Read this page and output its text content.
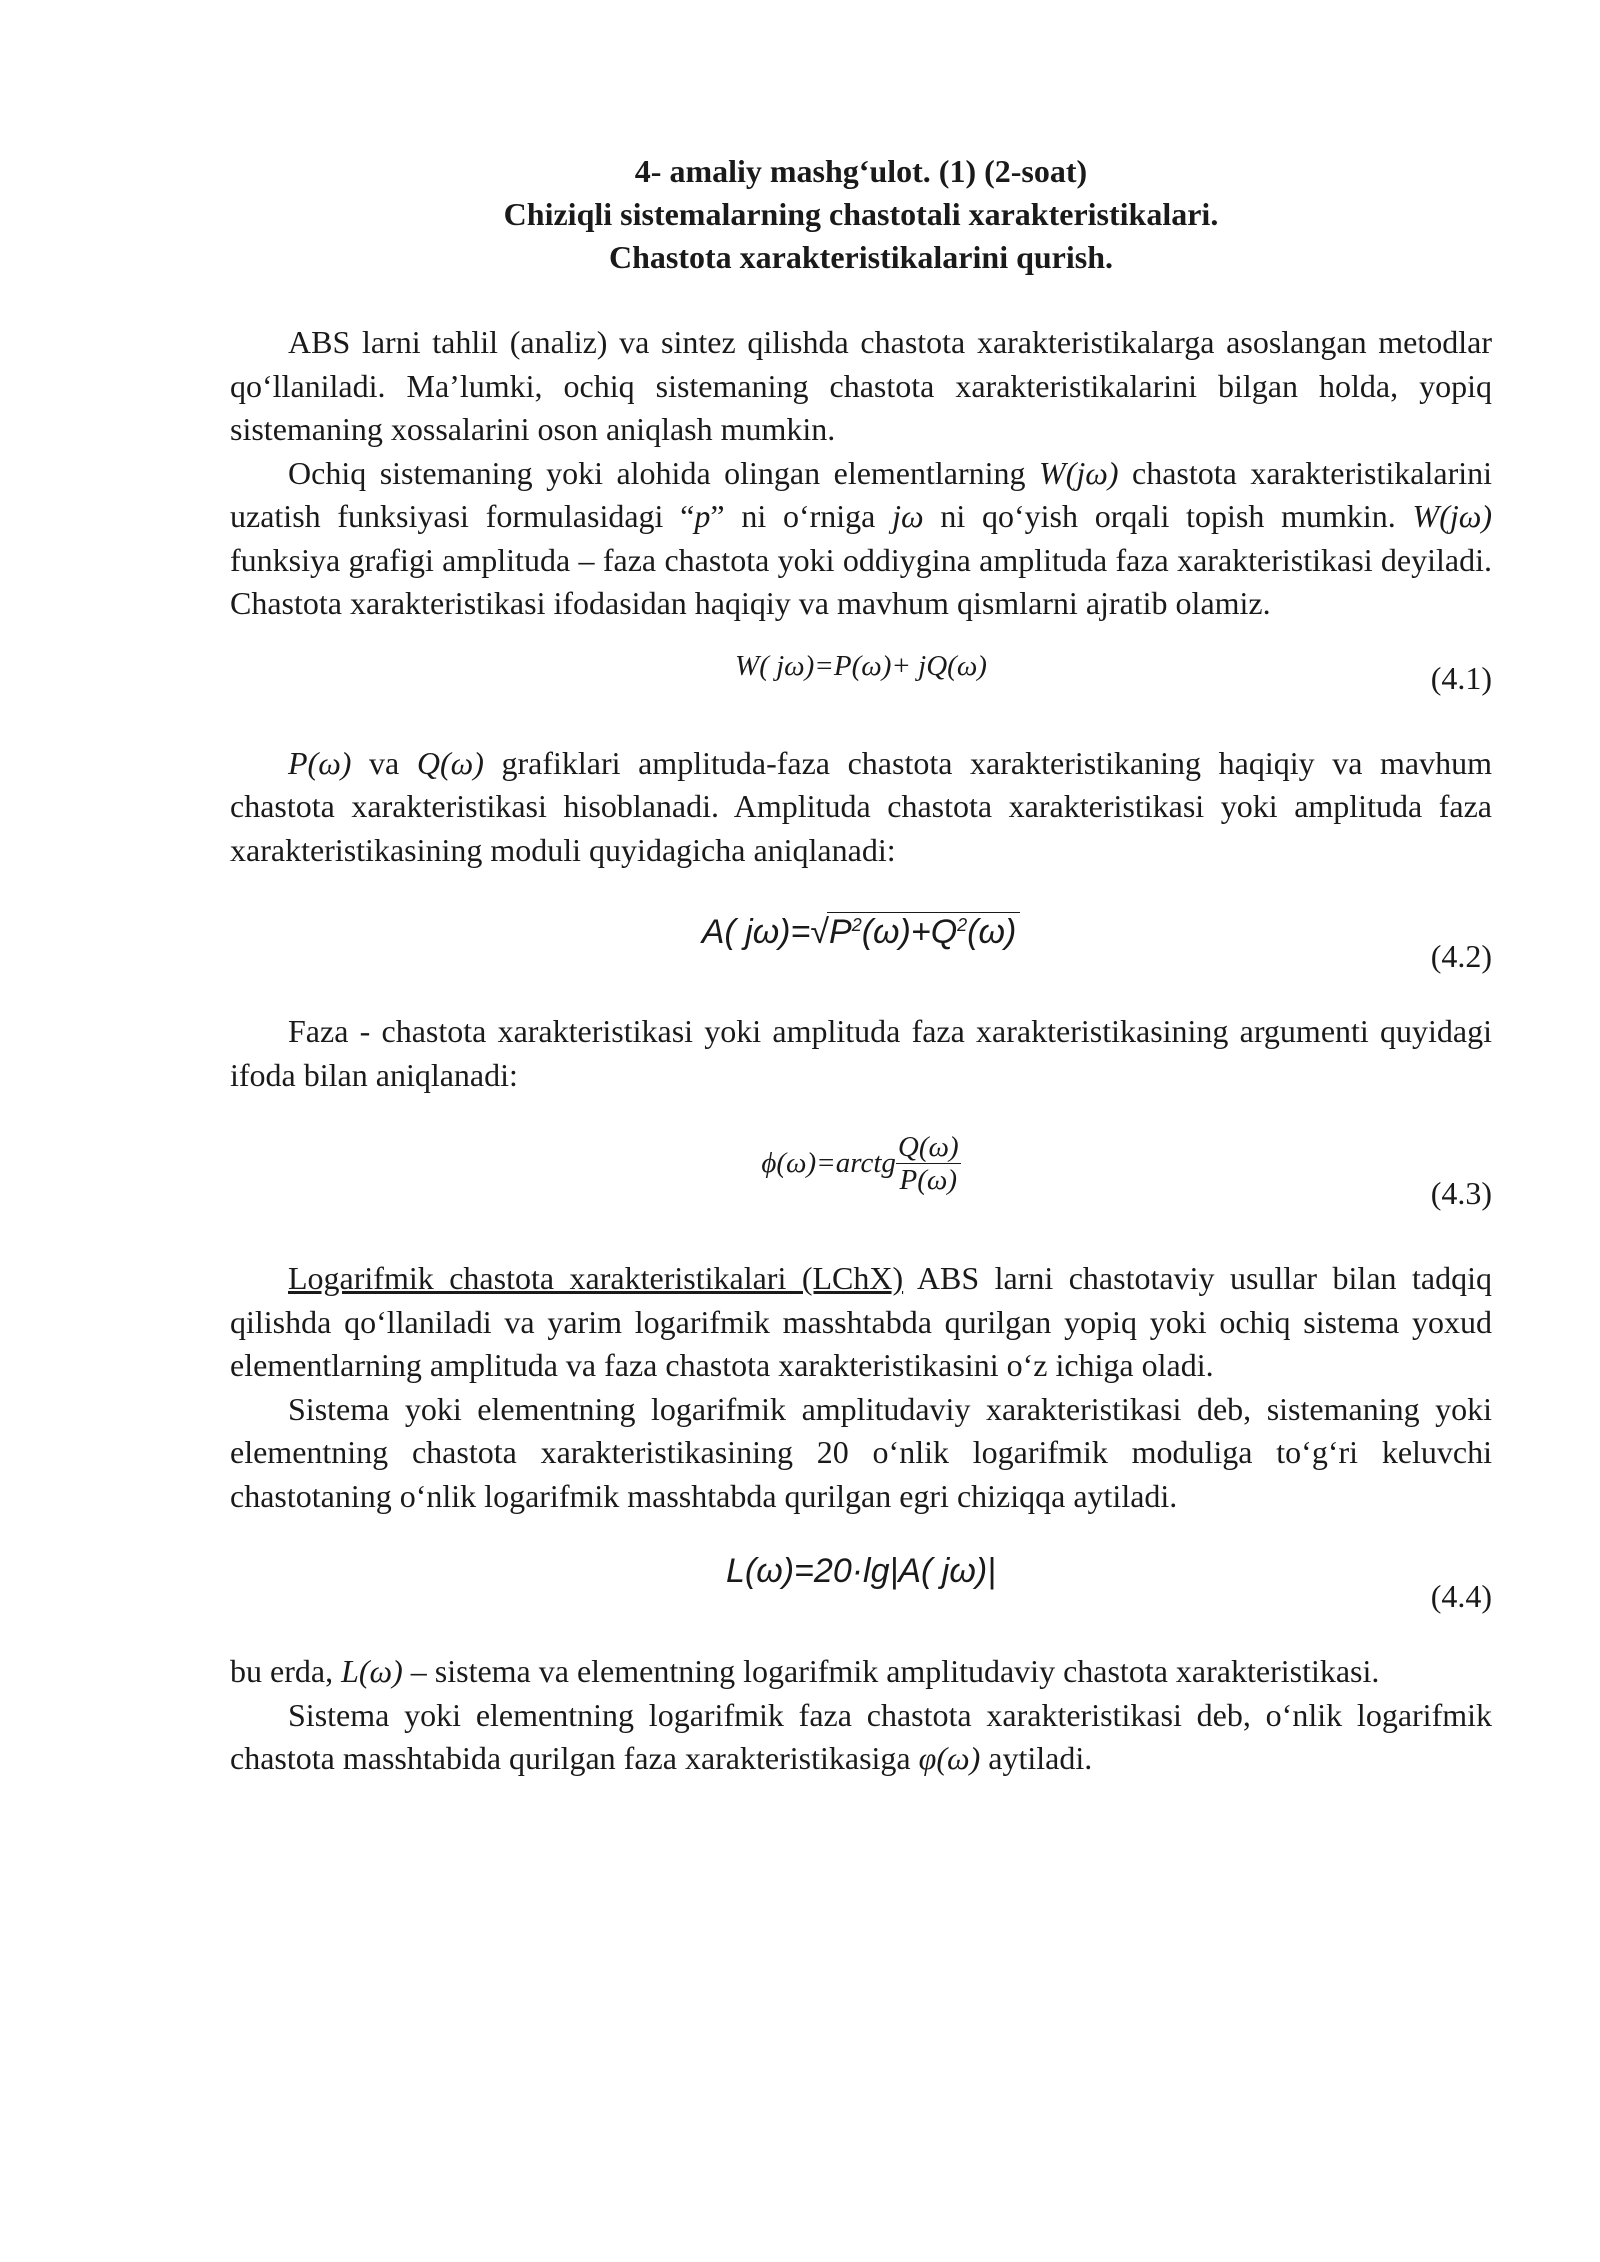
4- amaliy mashg‘ulot. (1) (2-soat)
Chiziqli sistemalarning chastotali xarakteristikalari.
Chastota xarakteristikalarini qurish.

ABS larni tahlil (analiz) va sintez qilishda chastota xarakteristikalarga asoslangan metodlar qo‘llaniladi. Ma’lumki, ochiq sistemaning chastota xarakteristikalarini bilgan holda, yopiq sistemaning xossalarini oson aniqlash mumkin.

Ochiq sistemaning yoki alohida olingan elementlarning W(jω) chastota xarakteristikalarini uzatish funksiyasi formulasidagi “p” ni o‘rniga jω ni qo‘yish orqali topish mumkin. W(jω) funksiya grafigi amplituda – faza chastota yoki oddiygina amplituda faza xarakteristikasi deyiladi. Chastota xarakteristikasi ifodasidan haqiqiy va mavhum qismlarni ajratib olamiz.

W( jω)=P(ω)+ jQ(ω)	(4.1)

P(ω) va Q(ω) grafiklari amplituda-faza chastota xarakteristikaning haqiqiy va mavhum chastota xarakteristikasi hisoblanadi. Amplituda chastota xarakteristikasi yoki amplituda faza xarakteristikasining moduli quyidagicha aniqlanadi:

A( $j\omega)=√P^2(\omega)+Q^2(\omega)$
(4.2)

Faza - chastota xarakteristikasi yoki amplituda faza xarakteristikasining argumenti quyidagi ifoda bilan aniqlanadi:

ϕ(ω)=arctg $\frac{Q(\omega)}{P(\omega)}$	(4.3)

Logarifmik chastota xarakteristikalari (LChX) ABS larni chastotaviy usullar bilan tadqiq qilishda qo‘llaniladi va yarim logarifmik masshtabda qurilgan yopiq yoki ochiq sistema yoxud elementlarning amplituda va faza chastota xarakteristikasini o‘z ichiga oladi.

Sistema yoki elementning logarifmik amplitudaviy xarakteristikasi deb, sistemaning yoki elementning chastota xarakteristikasining 20 o‘nlik logarifmik moduliga to‘g‘ri keluvchi chastotaning o‘nlik logarifmik masshtabda qurilgan egri chiziqqa aytiladi.

L(ω)=20·lg|A( jω)|
(4.4)

bu erda, L(ω) – sistema va elementning logarifmik amplitudaviy chastota xarakteristikasi.

Sistema yoki elementning logarifmik faza chastota xarakteristikasi deb, o‘nlik logarifmik chastota masshtabida qurilgan faza xarakteristikasiga φ(ω) aytiladi.
